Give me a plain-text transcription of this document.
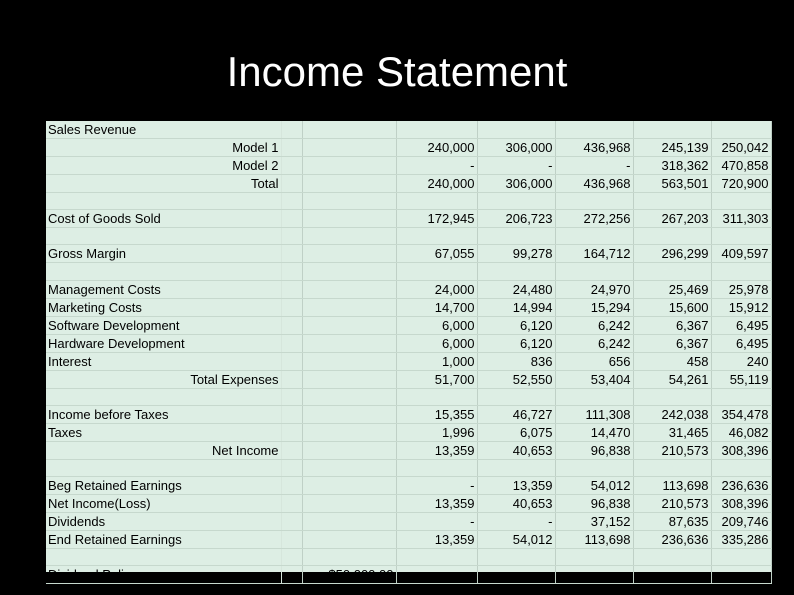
Income Statement
Sales Revenue							
Model 1			240,000	306,000	436,968	245,139	250,042
Model 2			-	-	-	318,362	470,858
Total			240,000	306,000	436,968	563,501	720,900

Cost of Goods Sold			172,945	206,723	272,256	267,203	311,303

Gross Margin			67,055	99,278	164,712	296,299	409,597

Management Costs			24,000	24,480	24,970	25,469	25,978
Marketing Costs			14,700	14,994	15,294	15,600	15,912
Software Development			6,000	6,120	6,242	6,367	6,495
Hardware Development			6,000	6,120	6,242	6,367	6,495
Interest			1,000	836	656	458	240
Total Expenses			51,700	52,550	53,404	54,261	55,119

Income before Taxes			15,355	46,727	111,308	242,038	354,478
Taxes			1,996	6,075	14,470	31,465	46,082
Net Income			13,359	40,653	96,838	210,573	308,396

Beg Retained Earnings			-	13,359	54,012	113,698	236,636
Net Income(Loss)			13,359	40,653	96,838	210,573	308,396
Dividends			-	-	37,152	87,635	209,746
End Retained Earnings			13,359	54,012	113,698	236,636	335,286

Dividend Policy		$50,000.00					
